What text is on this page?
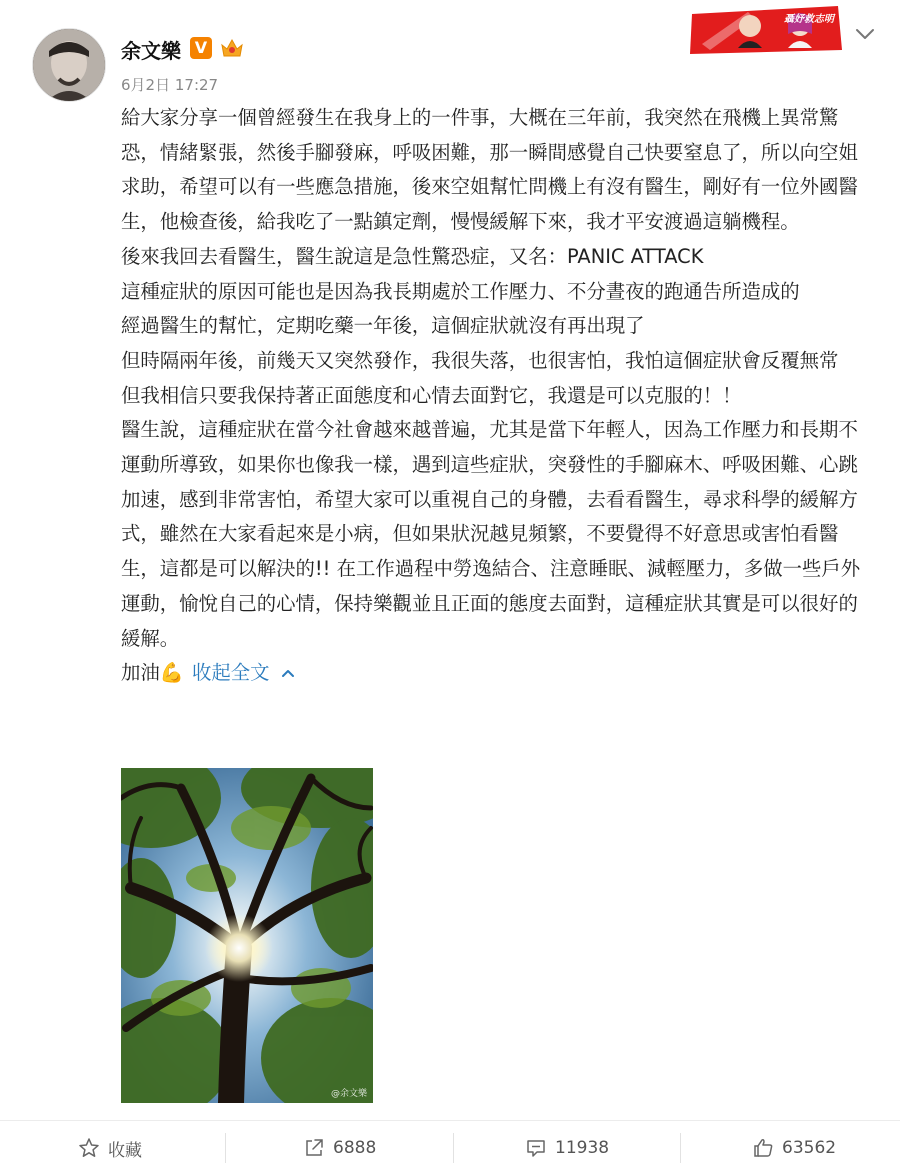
余文樂 V
6月2日 17:27
聶妤救志明

給大家分享一個曾經發生在我身上的一件事，大概在三年前，我突然在飛機上異常驚恐，情緒緊張，然後手腳發麻，呼吸困難，那一瞬間感覺自己快要窒息了，所以向空姐求助，希望可以有一些應急措施，後來空姐幫忙問機上有沒有醫生，剛好有一位外國醫生，他檢查後，給我吃了一點鎮定劑，慢慢緩解下來，我才平安渡過這躺機程。

後來我回去看醫生，醫生說這是急性驚恐症，又名：PANIC ATTACK

這種症狀的原因可能也是因為我長期處於工作壓力、不分晝夜的跑通告所造成的

經過醫生的幫忙，定期吃藥一年後，這個症狀就沒有再出現了

但時隔兩年後，前幾天又突然發作，我很失落，也很害怕，我怕這個症狀會反覆無常

但我相信只要我保持著正面態度和心情去面對它，我還是可以克服的！！

醫生說，這種症狀在當今社會越來越普遍，尤其是當下年輕人，因為工作壓力和長期不運動所導致，如果你也像我一樣，遇到這些症狀，突發性的手腳麻木、呼吸困難、心跳加速，感到非常害怕，希望大家可以重視自己的身體，去看看醫生，尋求科學的緩解方式，雖然在大家看起來是小病，但如果狀況越見頻繁，不要覺得不好意思或害怕看醫生，這都是可以解決的!! 在工作過程中勞逸結合、注意睡眠、減輕壓力，多做一些戶外運動，愉悅自己的心情，保持樂觀並且正面的態度去面對，這種症狀其實是可以很好的緩解。

加油💪 收起全文

@余文樂
收藏	6888	11938	63562
